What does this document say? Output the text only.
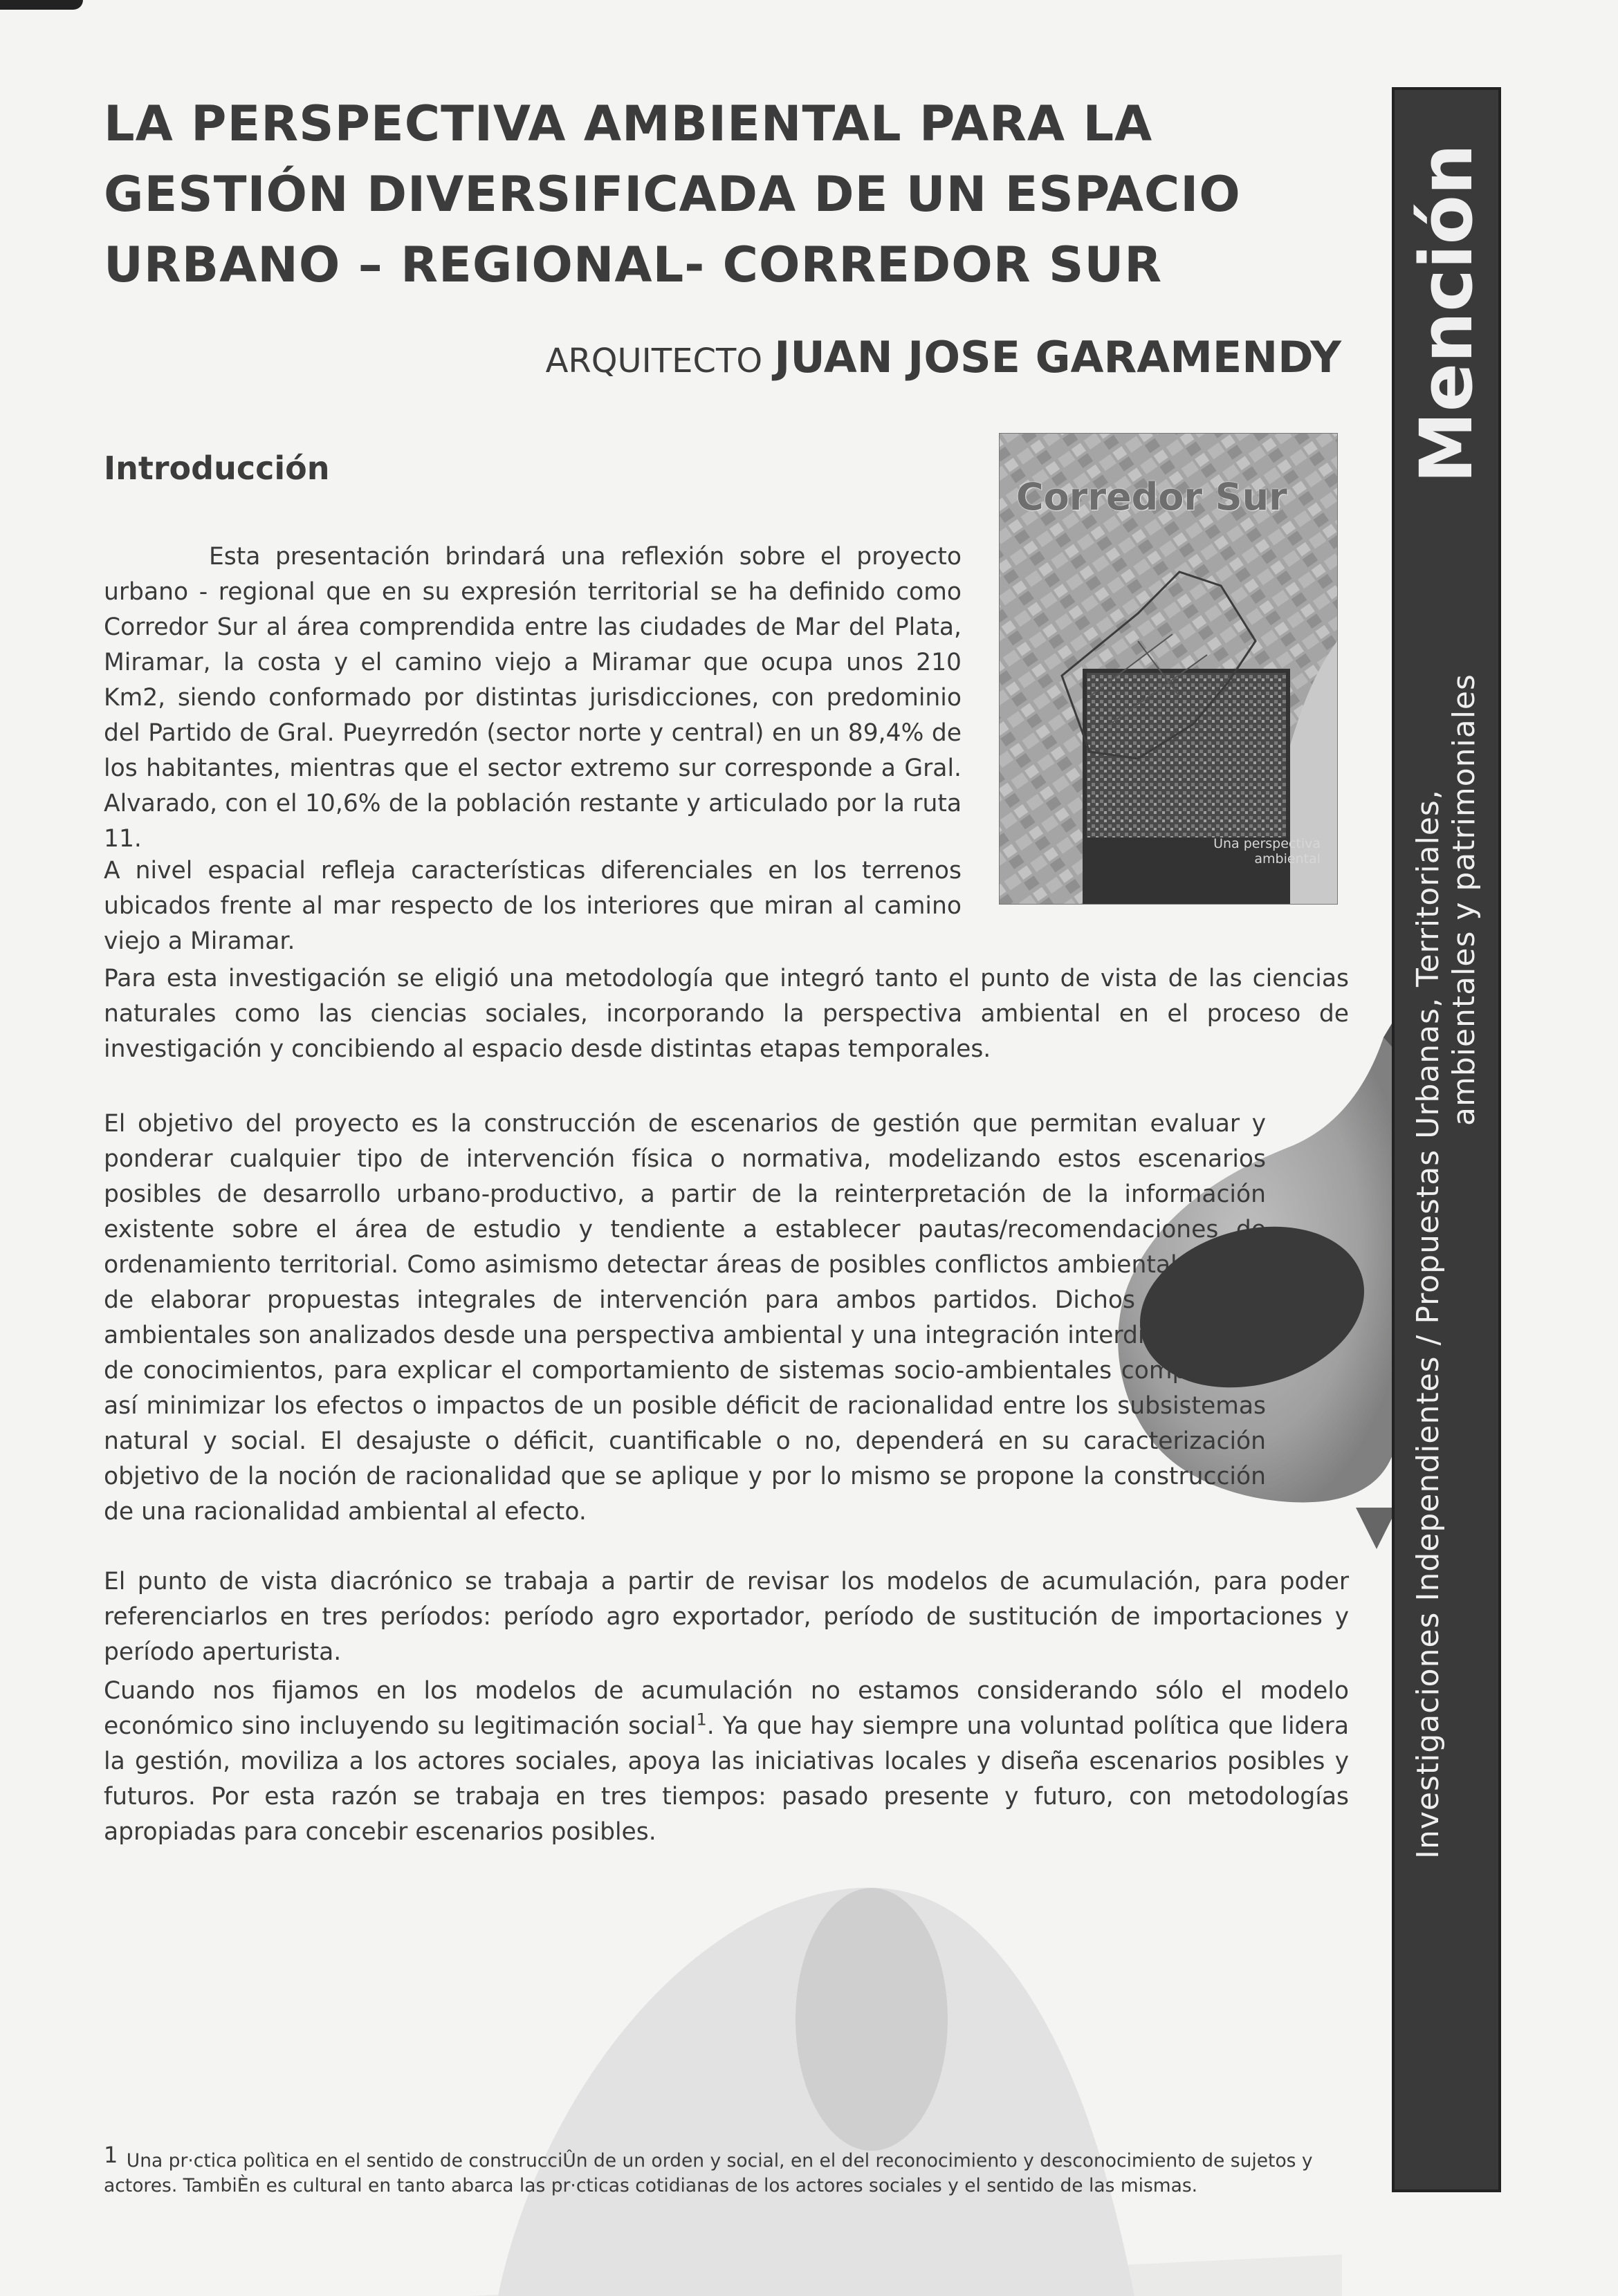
LA PERSPECTIVA AMBIENTAL PARA LA GESTIÓN DIVERSIFICADA DE UN ESPACIO URBANO – REGIONAL- CORREDOR SUR
ARQUITECTO JUAN JOSE GARAMENDY
Investigaciones Independientes / Propuestas Urbanas, Territoriales, ambientales y patrimoniales
Mención
Introducción
Corredor Sur
Una perspectiva ambiental

Esta presentación brindará una reflexión sobre el proyecto urbano - regional que en su expresión territorial se ha definido como Corredor Sur al área comprendida entre las ciudades de Mar del Plata, Miramar, la costa y el camino viejo a Miramar que ocupa unos 210 Km2, siendo conformado por distintas jurisdicciones, con predominio del Partido de Gral. Pueyrredón (sector norte y central) en un 89,4% de los habitantes, mientras que el sector extremo sur corresponde a Gral. Alvarado, con el 10,6% de la población restante y articulado por la ruta 11.

A nivel espacial refleja características diferenciales en los terrenos ubicados frente al mar respecto de los interiores que miran al camino viejo a Miramar.

Para esta investigación se eligió una metodología que integró tanto el punto de vista de las ciencias naturales como las ciencias sociales, incorporando la perspectiva ambiental en el proceso de investigación y concibiendo al espacio desde distintas etapas temporales.

El objetivo del proyecto es la construcción de escenarios de gestión que permitan evaluar y ponderar cualquier tipo de intervención física o normativa, modelizando estos escenarios posibles de desarrollo urbano-productivo, a partir de la reinterpretación de la información existente sobre el área de estudio y tendiente a establecer pautas/recomendaciones de ordenamiento territorial. Como asimismo detectar áreas de posibles conflictos ambientales a fin de elaborar propuestas integrales de intervención para ambos partidos. Dichos conflictos ambientales son analizados desde una perspectiva ambiental y una integración interdisciplinaria de conocimientos, para explicar el comportamiento de sistemas socio-ambientales complejos y así minimizar los efectos o impactos de un posible déficit de racionalidad entre los subsistemas natural y social. El desajuste o déficit, cuantificable o no, dependerá en su caracterización objetivo de la noción de racionalidad que se aplique y por lo mismo se propone la construcción de una racionalidad ambiental al efecto.

El punto de vista diacrónico se trabaja a partir de revisar los modelos de acumulación, para poder referenciarlos en tres períodos: período agro exportador, período de sustitución de importaciones y período aperturista.

Cuando nos fijamos en los modelos de acumulación no estamos considerando sólo el modelo económico sino incluyendo su legitimación social$^1$. Ya que hay siempre una voluntad política que lidera la gestión, moviliza a los actores sociales, apoya las iniciativas locales y diseña escenarios posibles y futuros. Por esta razón se trabaja en tres tiempos: pasado presente y futuro, con metodologías apropiadas para concebir escenarios posibles.

1 Una pr·ctica polìtica en el sentido de construcciÛn de un orden y social, en el del reconocimiento y desconocimiento de sujetos y actores. TambiÈn es cultural en tanto abarca las pr·cticas cotidianas de los actores sociales y el sentido de las mismas.
